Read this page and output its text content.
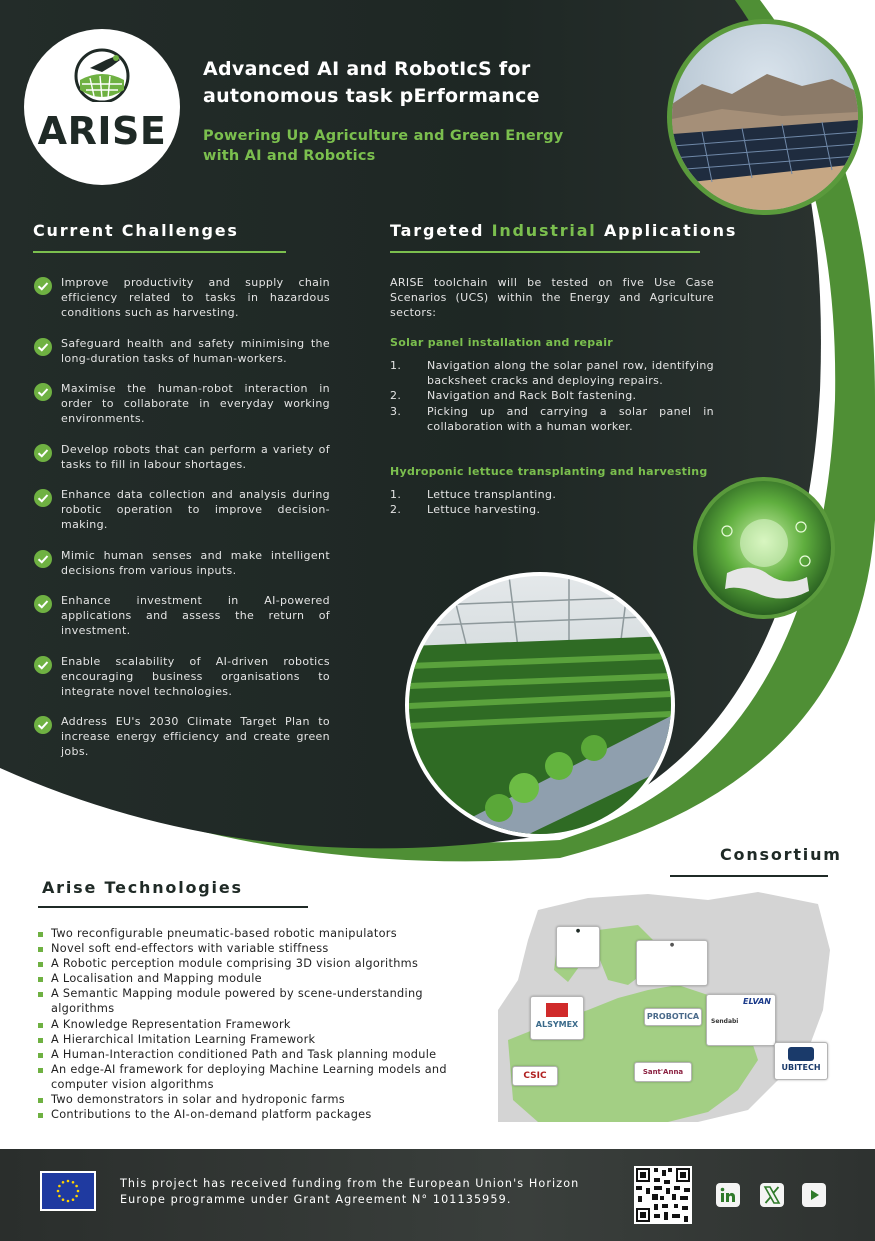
ARISE
Advanced AI and RobotIcS for
autonomous task pErformance
Powering Up Agriculture and Green Energy
with AI and Robotics
Current Challenges
Improve productivity and supply chain efficiency related to tasks in hazardous conditions such as harvesting.
Safeguard health and safety minimising the long-duration tasks of human-workers.
Maximise the human-robot interaction in order to collaborate in everyday working environments.
Develop robots that can perform a variety of tasks to fill in labour shortages.
Enhance data collection and analysis during robotic operation to improve decision-making.
Mimic human senses and make intelligent decisions from various inputs.
Enhance investment in AI-powered applications and assess the return of investment.
Enable scalability of AI-driven robotics encouraging business organisations to integrate novel technologies.
Address EU's 2030 Climate Target Plan to increase energy efficiency and create green jobs.
Targeted Industrial Applications
ARISE toolchain will be tested on five Use Case Scenarios (UCS) within the Energy and Agriculture sectors:
Solar panel installation and repair
1. Navigation along the solar panel row, identifying backsheet cracks and deploying repairs.
2. Navigation and Rack Bolt fastening.
3. Picking up and carrying a solar panel in collaboration with a human worker.
Hydroponic lettuce transplanting and harvesting
1. Lettuce transplanting.
2. Lettuce harvesting.
Consortium
●
●
ALSYMEX
PROBOTICA
ELVAN
Sendabi
CSIC	Sant'Anna	UBITECH
Arise Technologies
Two reconfigurable pneumatic-based robotic manipulators
Novel soft end-effectors with variable stiffness
A Robotic perception module comprising 3D vision algorithms
A Localisation and Mapping module
A Semantic Mapping module powered by scene-understanding algorithms
A Knowledge Representation Framework
A Hierarchical Imitation Learning Framework
A Human-Interaction conditioned Path and Task planning module
An edge-AI framework for deploying Machine Learning models and computer vision algorithms
Two demonstrators in solar and hydroponic farms
Contributions to the AI-on-demand platform packages
This project has received funding from the European Union's Horizon
Europe programme under Grant Agreement N° 101135959.
